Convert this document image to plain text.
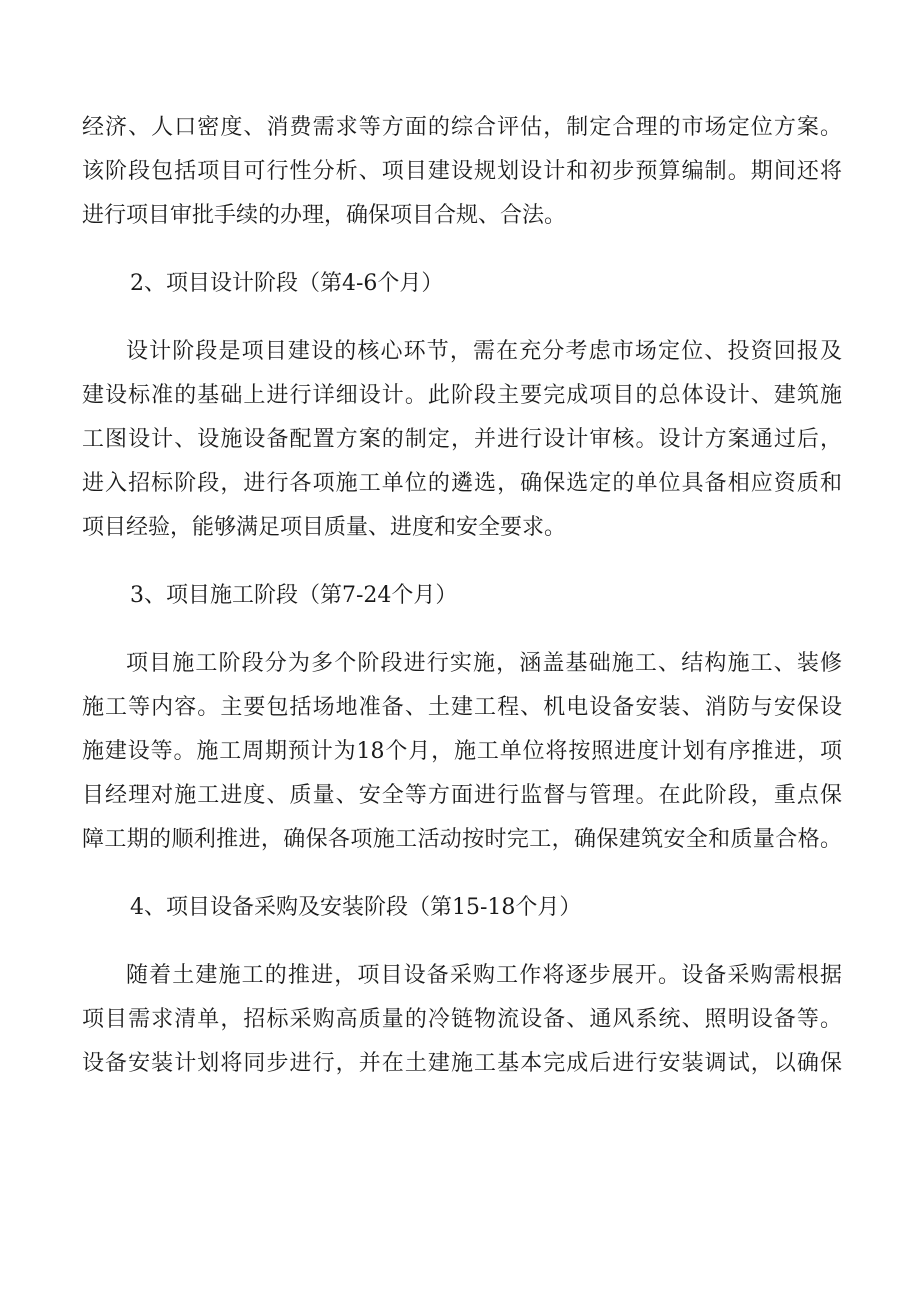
经济、人口密度、消费需求等方面的综合评估，制定合理的市场定位方案。
该阶段包括项目可行性分析、项目建设规划设计和初步预算编制。期间还将
进行项目审批手续的办理，确保项目合规、合法。
2、项目设计阶段（第4-6个月）
设计阶段是项目建设的核心环节，需在充分考虑市场定位、投资回报及
建设标准的基础上进行详细设计。此阶段主要完成项目的总体设计、建筑施
工图设计、设施设备配置方案的制定，并进行设计审核。设计方案通过后，
进入招标阶段，进行各项施工单位的遴选，确保选定的单位具备相应资质和
项目经验，能够满足项目质量、进度和安全要求。
3、项目施工阶段（第7-24个月）
项目施工阶段分为多个阶段进行实施，涵盖基础施工、结构施工、装修
施工等内容。主要包括场地准备、土建工程、机电设备安装、消防与安保设
施建设等。施工周期预计为18个月，施工单位将按照进度计划有序推进，项
目经理对施工进度、质量、安全等方面进行监督与管理。在此阶段，重点保
障工期的顺利推进，确保各项施工活动按时完工，确保建筑安全和质量合格。
4、项目设备采购及安装阶段（第15-18个月）
随着土建施工的推进，项目设备采购工作将逐步展开。设备采购需根据
项目需求清单，招标采购高质量的冷链物流设备、通风系统、照明设备等。
设备安装计划将同步进行，并在土建施工基本完成后进行安装调试，以确保
